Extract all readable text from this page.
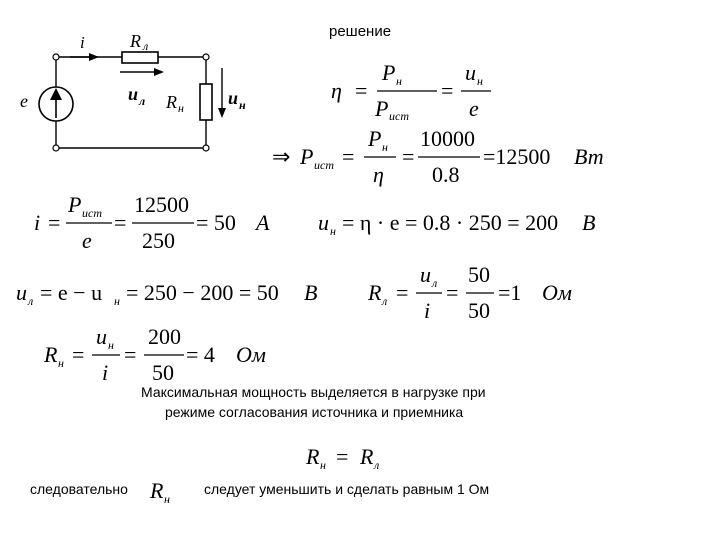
решение
i
e
R л
u л R н u н
η =
P н
P ист
=
u н
e
⇒ P ист =
P н
η
=
10000
0.8
=12500 Вт
i =
P ист
e
=
12500
250
= 50 А u н = η · e = 0.8 · 250 = 200 В
u л = e − u н = 250 − 200 = 50 В R л =
u л
i
=
50
50
=1 Ом
R н =
u н
i
=
200
50
= 4 Ом
Максимальная мощность выделяется в нагрузке при
режиме согласования источника и приемника
R н = R л
следовательно R н
следует уменьшить и сделать равным 1 Ом
